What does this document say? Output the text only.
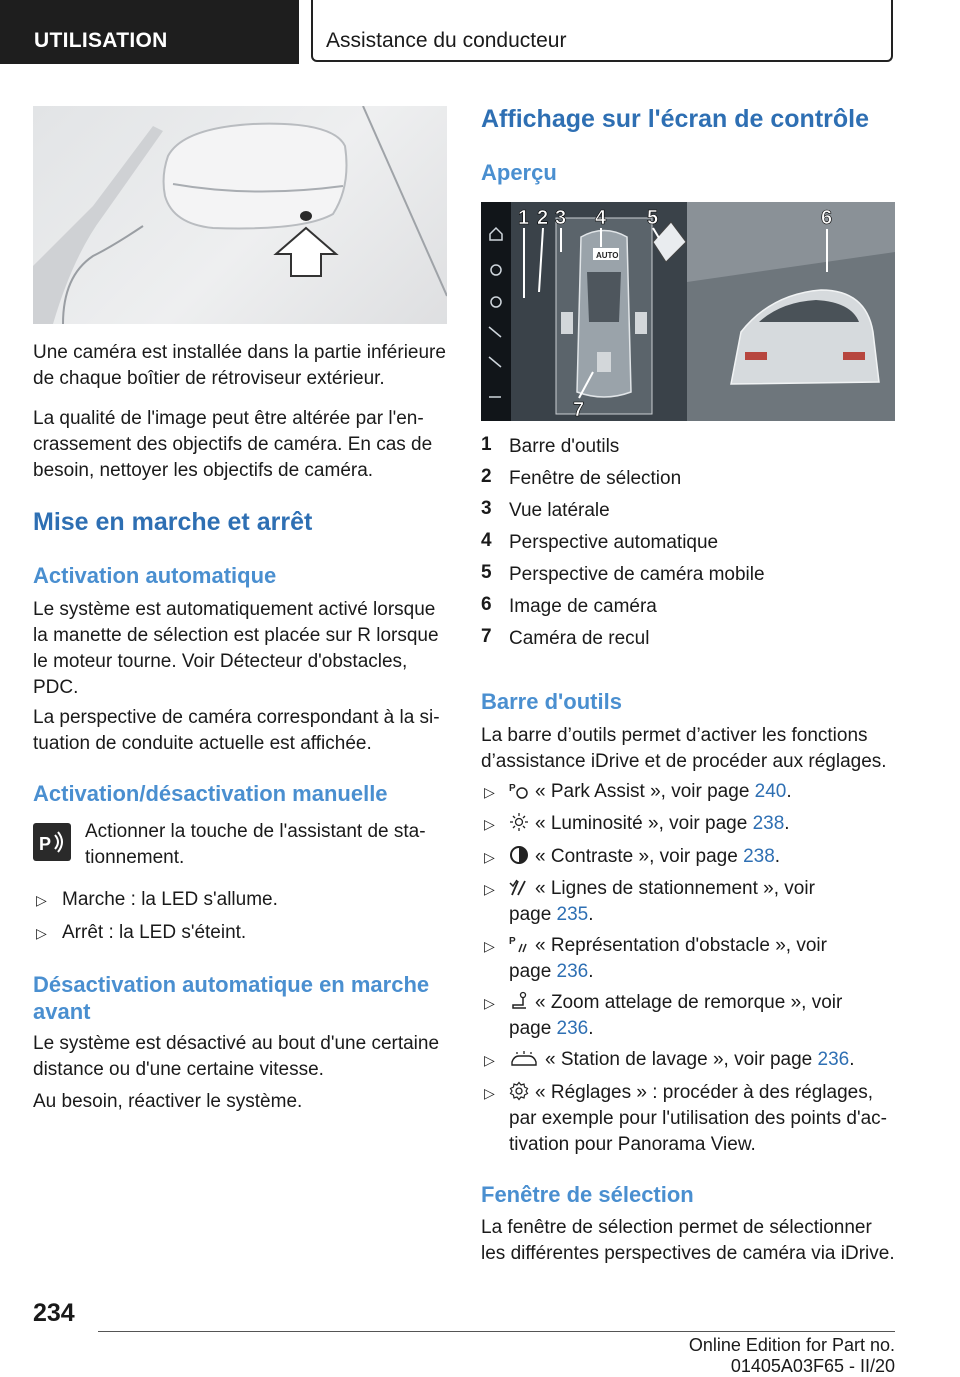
UTILISATION	Assistance du conducteur
Une caméra est installée dans la partie inférieure de chaque boîtier de rétroviseur extérieur.
La qualité de l'image peut être altérée par l'en-crassement des objectifs de caméra. En cas de besoin, nettoyer les objectifs de caméra.
Mise en marche et arrêt
Activation automatique
Le système est automatiquement activé lorsque la manette de sélection est placée sur R lorsque le moteur tourne. Voir Détecteur d'obstacles, PDC.
La perspective de caméra correspondant à la si-tuation de conduite actuelle est affichée.
Activation/désactivation manuelle
P
Actionner la touche de l'assistant de sta-tionnement.
▷ Marche : la LED s'allume.
▷ Arrêt : la LED s'éteint.
Désactivation automatique en marche avant
Le système est désactivé au bout d'une certaine distance ou d'une certaine vitesse.
Au besoin, réactiver le système.
Affichage sur l'écran de contrôle
Aperçu
AUTO
1 2 3 4 5	6
7
1 Barre d'outils
2 Fenêtre de sélection
3 Vue latérale
4 Perspective automatique
5 Perspective de caméra mobile
6 Image de caméra
7 Caméra de recul
Barre d'outils
La barre d’outils permet d’activer les fonctions d’assistance iDrive et de procéder aux réglages.
▷ P « Park Assist », voir page 240.
▷	« Luminosité », voir page 238.
▷	« Contraste », voir page 238.
▷	« Lignes de stationnement », voir
page 235.
▷ P « Représentation d'obstacle », voir
page 236.
▷	« Zoom attelage de remorque », voir
page 236.
▷	« Station de lavage », voir page 236.
▷	« Réglages » : procéder à des réglages,
par exemple pour l'utilisation des points d'ac-
tivation pour Panorama View.
Fenêtre de sélection
La fenêtre de sélection permet de sélectionner les différentes perspectives de caméra via iDrive.
234
Online Edition for Part no. 01405A03F65 - II/20
